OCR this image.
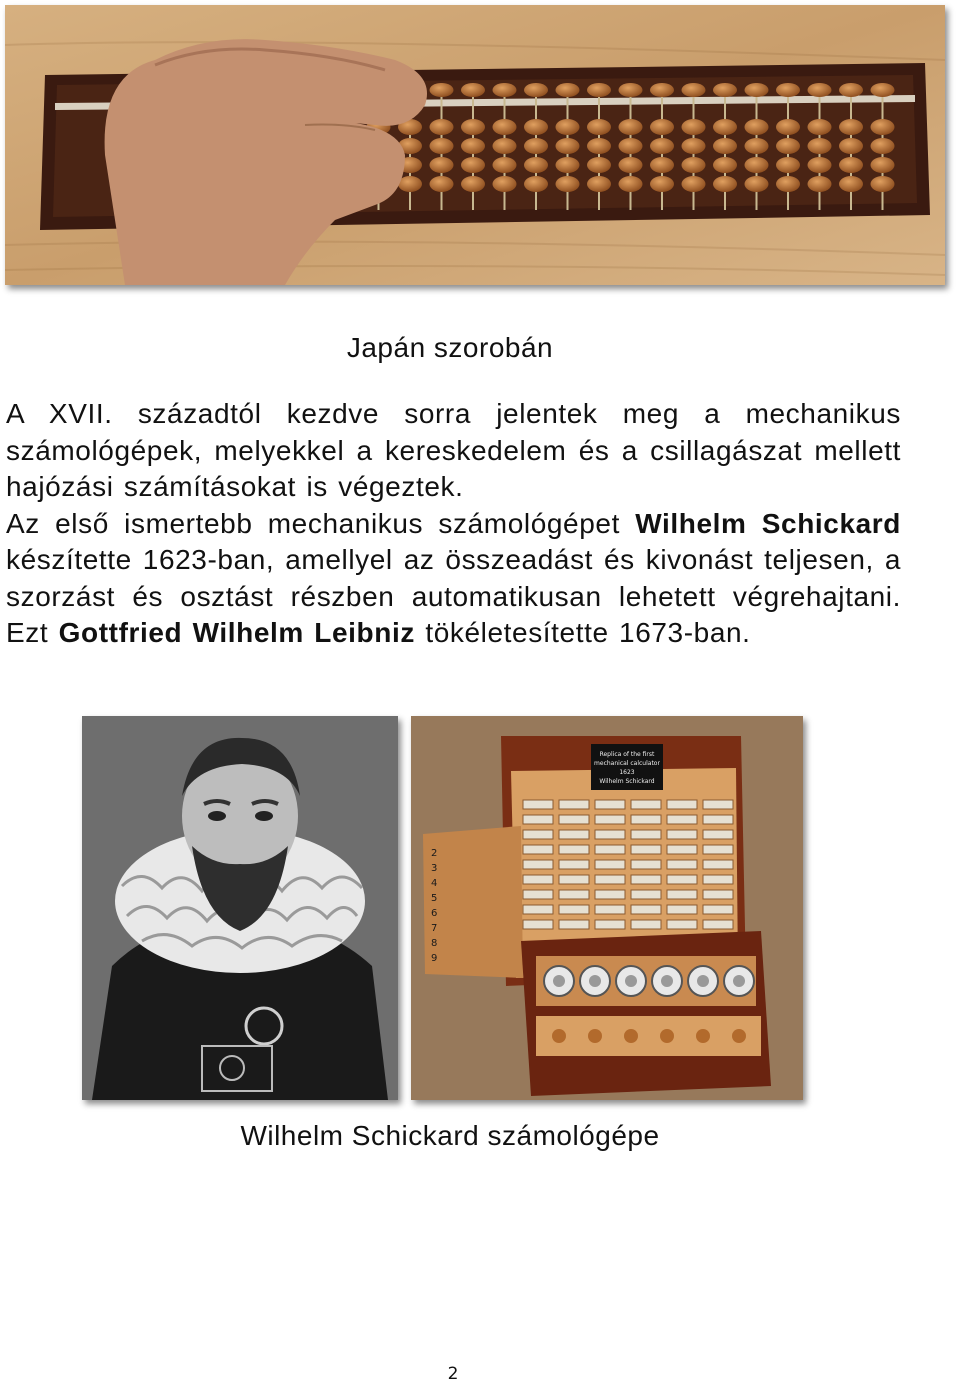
Japán szorobán

A XVII. századtól kezdve sorra jelentek meg a mechanikus számológépek, melyekkel a kereskedelem és a csillagászat mellett hajózási számításokat is végeztek.

Az első ismertebb mechanikus számológépet Wilhelm Schickard készítette 1623-ban, amellyel az összeadást és kivonást teljesen, a szorzást és osztást részben automatikusan lehetett végrehajtani. Ezt Gottfried Wilhelm Leibniz tökéletesítette 1673-ban.

Replica of the first
mechanical calculator
1623
Wilhelm Schickard
2
3
4
5
6
7
8
9
Wilhelm Schickard számológépe
2
